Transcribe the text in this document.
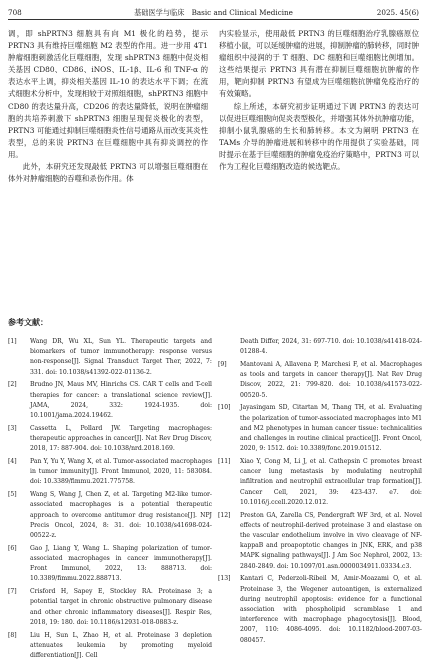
708	基础医学与临床　Basic and Clinical Medicine	2025. 45(6)

调，即 shPRTN3 细胞具有向 M1 极化的趋势，提示 PRTN3 具有维持巨噬细胞 M2 表型的作用。进一步用 4T1 肿瘤细胞刺激活化巨噬细胞，发现 shPRTN3 细胞中促炎相关基因 CD80、CD86、iNOS、IL-1β、IL-6 和 TNF-α 的表达水平上调，抑炎相关基因 IL-10 的表达水平下调；在流式细胞术分析中，发现相较于对照组细胞，shPRTN3 细胞中 CD80 的表达量升高，CD206 的表达量降低，说明在肿瘤细胞的共培养刺激下 shPRTN3 细胞呈现促炎极化的表型，PRTN3 可能通过抑制巨噬细胞炎性信号通路从而改变其炎性表型，总的来说 PRTN3 在巨噬细胞中具有抑炎调控的作用。

此外，本研究还发现敲低 PRTN3 可以增强巨噬细胞在体外对肿瘤细胞的吞噬和杀伤作用。体

内实验显示，使用敲低 PRTN3 的巨噬细胞治疗乳腺癌原位移植小鼠，可以延缓肿瘤的进展，抑制肿瘤的肺转移，同时肿瘤组织中浸润的于 T 细胞、DC 细胞和巨噬细胞比例增加。这些结果提示 PRTN3 具有潜在抑制巨噬细胞抗肿瘤的作用，靶向抑制 PRTN3 有望成为巨噬细胞抗肿瘤免疫治疗的有效策略。

综上所述，本研究初步证明通过下调 PRTN3 的表达可以促进巨噬细胞向促炎表型极化，并增强其体外抗肿瘤功能，抑制小鼠乳腺癌的生长和肺转移。本文为阐明 PRTN3 在 TAMs 介导的肿瘤进展和转移中的作用提供了实验基础，同时提示在基于巨噬细胞的肿瘤免疫治疗策略中，PRTN3 可以作为工程化巨噬细胞改造的候选靶点。

参考文献：
[1] Wang DR, Wu XL, Sun YL. Therapeutic targets and biomarkers of tumor immunotherapy: response versus non-response[J]. Signal Transduct Target Ther, 2022, 7: 331. doi: 10.1038/s41392-022-01136-2.
[2] Brudno JN, Maus MV, Hinrichs CS. CAR T cells and T-cell therapies for cancer: a translational science review[J]. JAMA, 2024, 332: 1924-1935. doi: 10.1001/jama.2024.19462.
[3] Cassetta L, Pollard JW. Targeting macrophages: therapeutic approaches in cancer[J]. Nat Rev Drug Discov, 2018, 17: 887-904. doi: 10.1038/nrd.2018.169.
[4] Pan Y, Yu Y, Wang X, et al. Tumor-associated macrophages in tumor immunity[J]. Front Immunol, 2020, 11: 583084. doi: 10.3389/fimmu.2021.775758.
[5] Wang S, Wang J, Chen Z, et al. Targeting M2-like tumor-associated macrophages is a potential therapeutic approach to overcome antitumor drug resistance[J]. NPJ Precis Oncol, 2024, 8: 31. doi: 10.1038/s41698-024-00522-z.
[6] Gao J, Liang Y, Wang L. Shaping polarization of tumor-associated macrophages in cancer immunotherapy[J]. Front Immunol, 2022, 13: 888713. doi: 10.3389/fimmu.2022.888713.
[7] Crisford H, Sapey E, Stockley RA. Proteinase 3; a potential target in chronic obstructive pulmonary disease and other chronic inflammatory diseases[J]. Respir Res, 2018, 19: 180. doi: 10.1186/s12931-018-0883-z.
[8] Liu H, Sun L, Zhao H, et al. Proteinase 3 depletion attenuates leukemia by promoting myeloid differentiation[J]. Cell
Death Differ, 2024, 31: 697-710. doi: 10.1038/s41418-024-01288-4.
[9] Mantovani A, Allavena P, Marchesi F, et al. Macrophages as tools and targets in cancer therapy[J]. Nat Rev Drug Discov, 2022, 21: 799-820. doi: 10.1038/s41573-022-00520-5.
[10] Jayasingam SD, Citartan M, Thang TH, et al. Evaluating the polarization of tumor-associated macrophages into M1 and M2 phenotypes in human cancer tissue: technicalities and challenges in routine clinical practice[J]. Front Oncol, 2020, 9: 1512. doi: 10.3389/fonc.2019.01512.
[11] Xiao Y, Cong M, Li J, et al. Cathepsin C promotes breast cancer lung metastasis by modulating neutrophil infiltration and neutrophil extracellular trap formation[J]. Cancer Cell, 2021, 39: 423-437. e7. doi: 10.1016/j.ccell.2020.12.012.
[12] Preston GA, Zarella CS, Pendergraft WF 3rd, et al. Novel effects of neutrophil-derived proteinase 3 and elastase on the vascular endothelium involve in vivo cleavage of NF-kappaB and proapoptotic changes in JNK, ERK, and p38 MAPK signaling pathways[J]. J Am Soc Nephrol, 2002, 13: 2840-2849. doi: 10.1097/01.asn.0000034911.03334.c3.
[13] Kantari C, Pederzoli-Ribeil M, Amir-Moazami O, et al. Proteinase 3, the Wegener autoantigen, is externalized during neutrophil apoptosis: evidence for a functional association with phospholipid scramblase 1 and interference with macrophage phagocytosis[J]. Blood, 2007, 110: 4086-4095. doi: 10.1182/blood-2007-03-080457.
